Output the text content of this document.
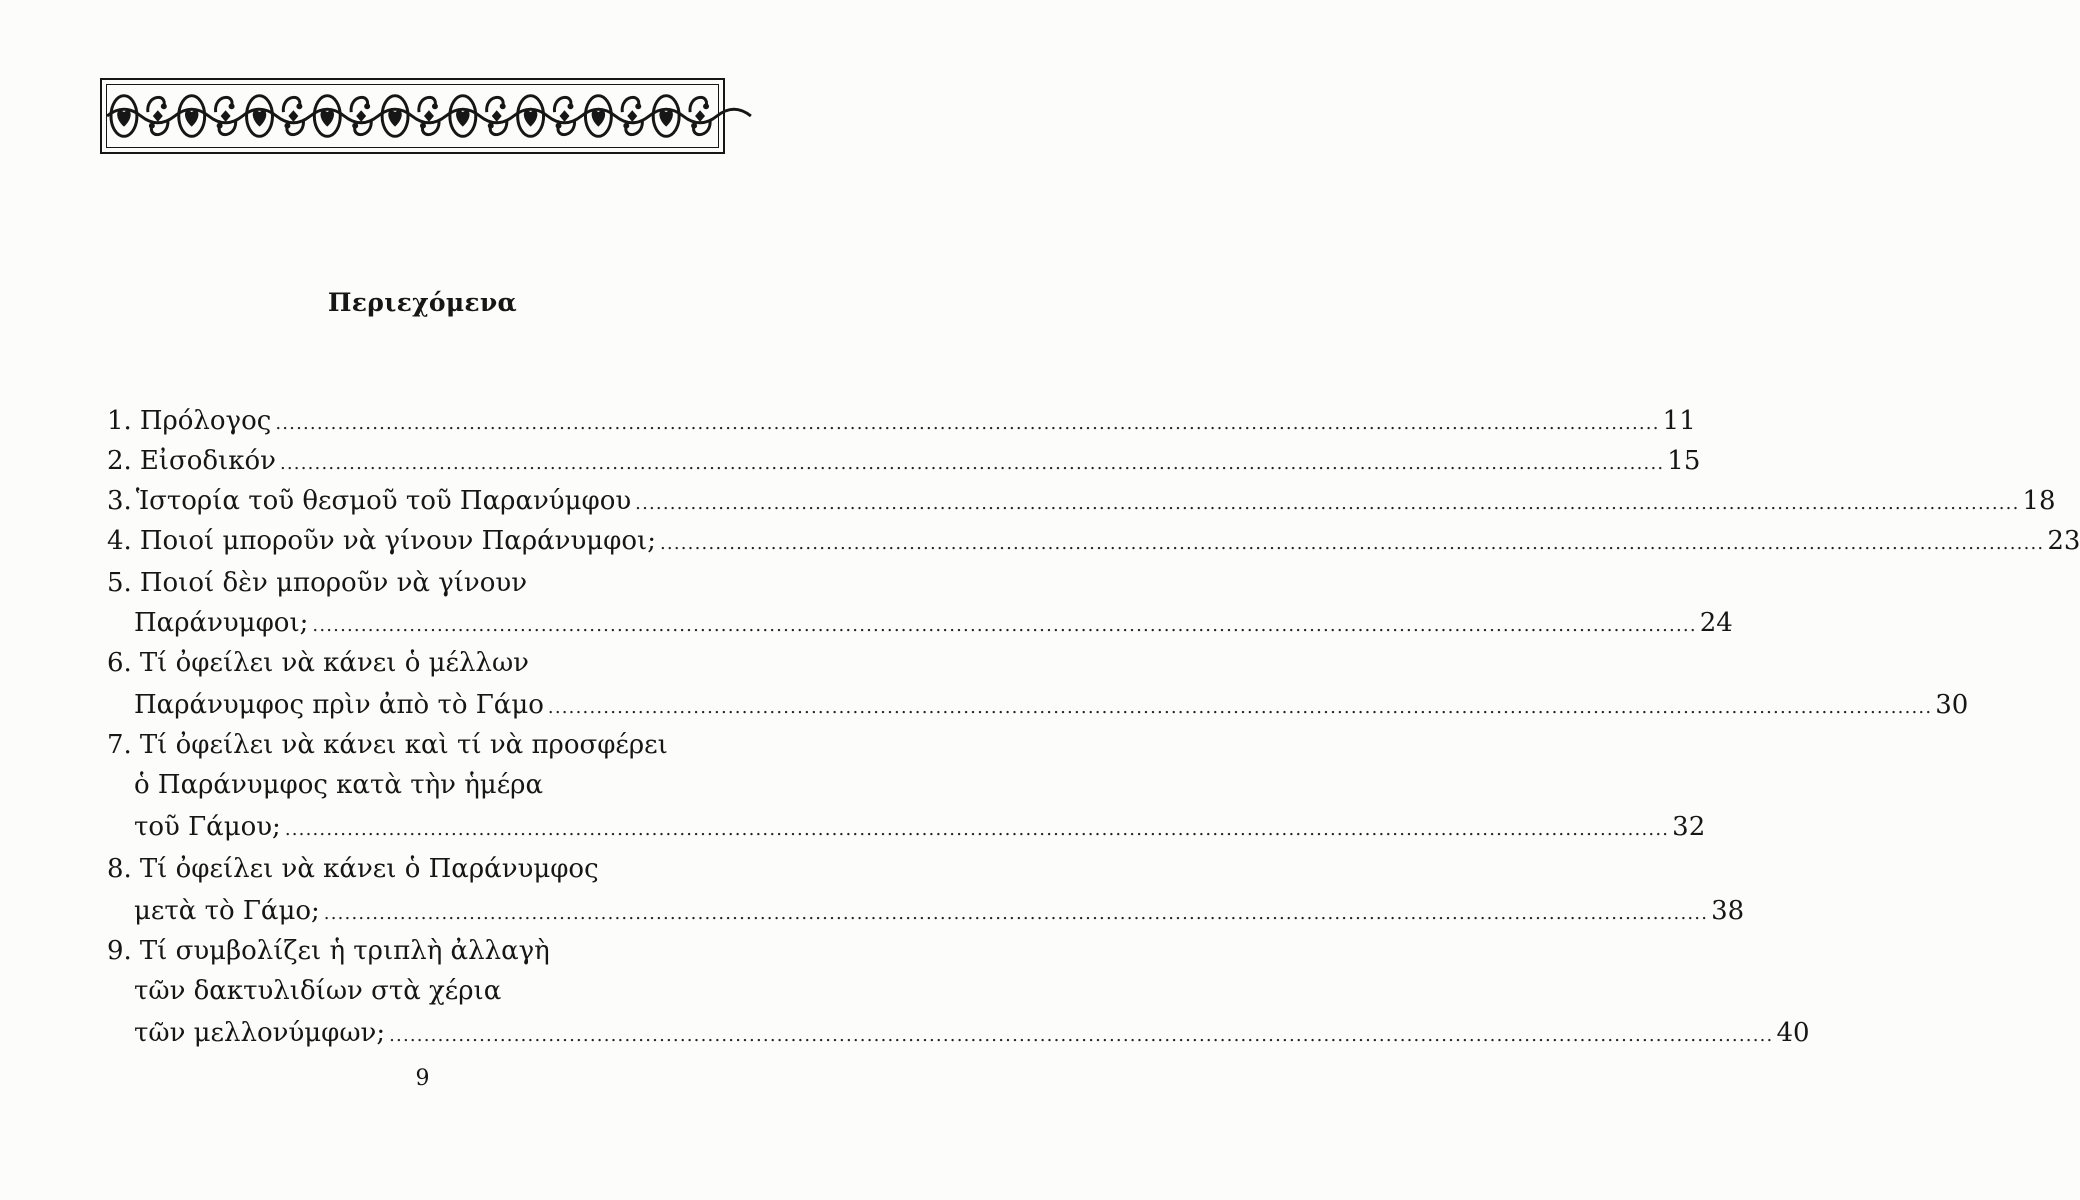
Περιεχόμενα
1. Πρόλογος ........................................................................................................................................................................................................ 11
2. Εἰσοδικόν ........................................................................................................................................................................................................ 15
3. Ἱστορία τοῦ θεσμοῦ τοῦ Παρανύμφου ........................................................................................................................................................................................................ 18
4. Ποιοί μποροῦν νὰ γίνουν Παράνυμφοι; ........................................................................................................................................................................................................ 23
5. Ποιοί δὲν μποροῦν νὰ γίνουν
Παράνυμφοι; ........................................................................................................................................................................................................ 24
6. Τί ὀφείλει νὰ κάνει ὁ μέλλων
Παράνυμφος πρὶν ἀπὸ τὸ Γάμο ........................................................................................................................................................................................................ 30
7. Τί ὀφείλει νὰ κάνει καὶ τί νὰ προσφέρει
ὁ Παράνυμφος κατὰ τὴν ἡμέρα
τοῦ Γάμου; ........................................................................................................................................................................................................ 32
8. Τί ὀφείλει νὰ κάνει ὁ Παράνυμφος
μετὰ τὸ Γάμο; ........................................................................................................................................................................................................ 38
9. Τί συμβολίζει ἡ τριπλὴ ἀλλαγὴ
τῶν δακτυλιδίων στὰ χέρια
τῶν μελλονύμφων; ........................................................................................................................................................................................................ 40
9
